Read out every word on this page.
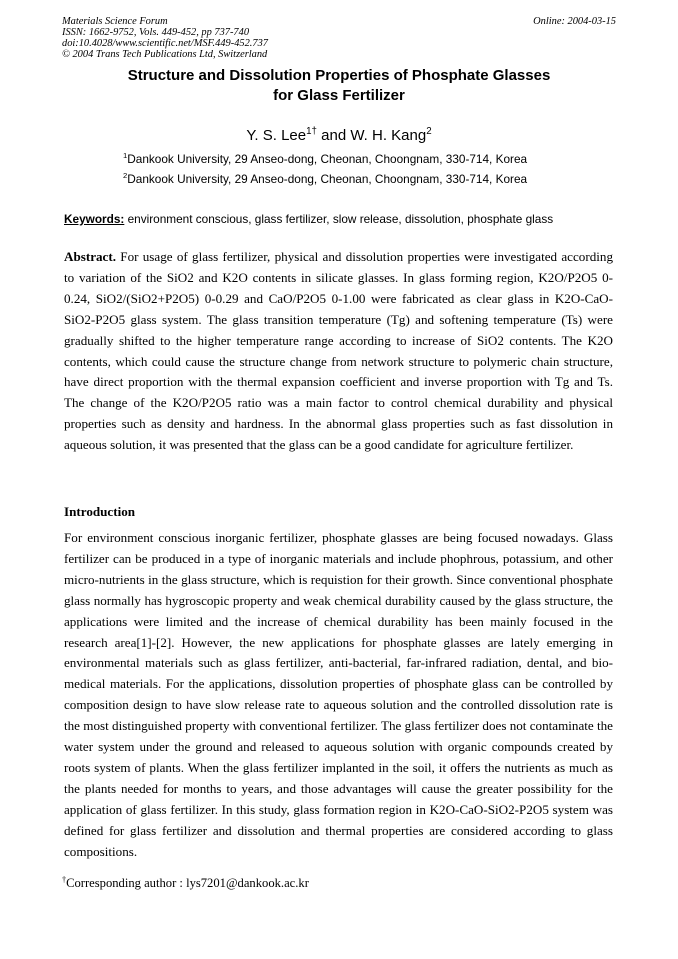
Materials Science Forum	Online: 2004-03-15
ISSN: 1662-9752, Vols. 449-452, pp 737-740
doi:10.4028/www.scientific.net/MSF.449-452.737
© 2004 Trans Tech Publications Ltd, Switzerland
Structure and Dissolution Properties of Phosphate Glasses
for Glass Fertilizer
Y. S. Lee$^{1\dagger}$ and W. H. Kang$^2$
$^1$Dankook University, 29 Anseo-dong, Cheonan, Choongnam, 330-714, Korea
$^2$Dankook University, 29 Anseo-dong, Cheonan, Choongnam, 330-714, Korea
Keywords: environment conscious, glass fertilizer, slow release, dissolution, phosphate glass
Abstract. For usage of glass fertilizer, physical and dissolution properties were investigated according to variation of the SiO2 and K2O contents in silicate glasses. In glass forming region, K2O/P2O5 0-0.24, SiO2/(SiO2+P2O5) 0-0.29 and CaO/P2O5 0-1.00 were fabricated as clear glass in K2O-CaO-SiO2-P2O5 glass system. The glass transition temperature (Tg) and softening temperature (Ts) were gradually shifted to the higher temperature range according to increase of SiO2 contents. The K2O contents, which could cause the structure change from network structure to polymeric chain structure, have direct proportion with the thermal expansion coefficient and inverse proportion with Tg and Ts. The change of the K2O/P2O5 ratio was a main factor to control chemical durability and physical properties such as density and hardness. In the abnormal glass properties such as fast dissolution in aqueous solution, it was presented that the glass can be a good candidate for agriculture fertilizer.
Introduction
For environment conscious inorganic fertilizer, phosphate glasses are being focused nowadays. Glass fertilizer can be produced in a type of inorganic materials and include phophrous, potassium, and other micro-nutrients in the glass structure, which is requistion for their growth. Since conventional phosphate glass normally has hygroscopic property and weak chemical durability caused by the glass structure, the applications were limited and the increase of chemical durability has been mainly focused in the research area[1]-[2]. However, the new applications for phosphate glasses are lately emerging in environmental materials such as glass fertilizer, anti-bacterial, far-infrared radiation, dental, and bio-medical materials. For the applications, dissolution properties of phosphate glass can be controlled by composition design to have slow release rate to aqueous solution and the controlled dissolution rate is the most distinguished property with conventional fertilizer. The glass fertilizer does not contaminate the water system under the ground and released to aqueous solution with organic compounds created by roots system of plants. When the glass fertilizer implanted in the soil, it offers the nutrients as much as the plants needed for months to years, and those advantages will cause the greater possibility for the application of glass fertilizer. In this study, glass formation region in K2O-CaO-SiO2-P2O5 system was defined for glass fertilizer and dissolution and thermal properties are considered according to glass compositions.
†Corresponding author : lys7201@dankook.ac.kr
